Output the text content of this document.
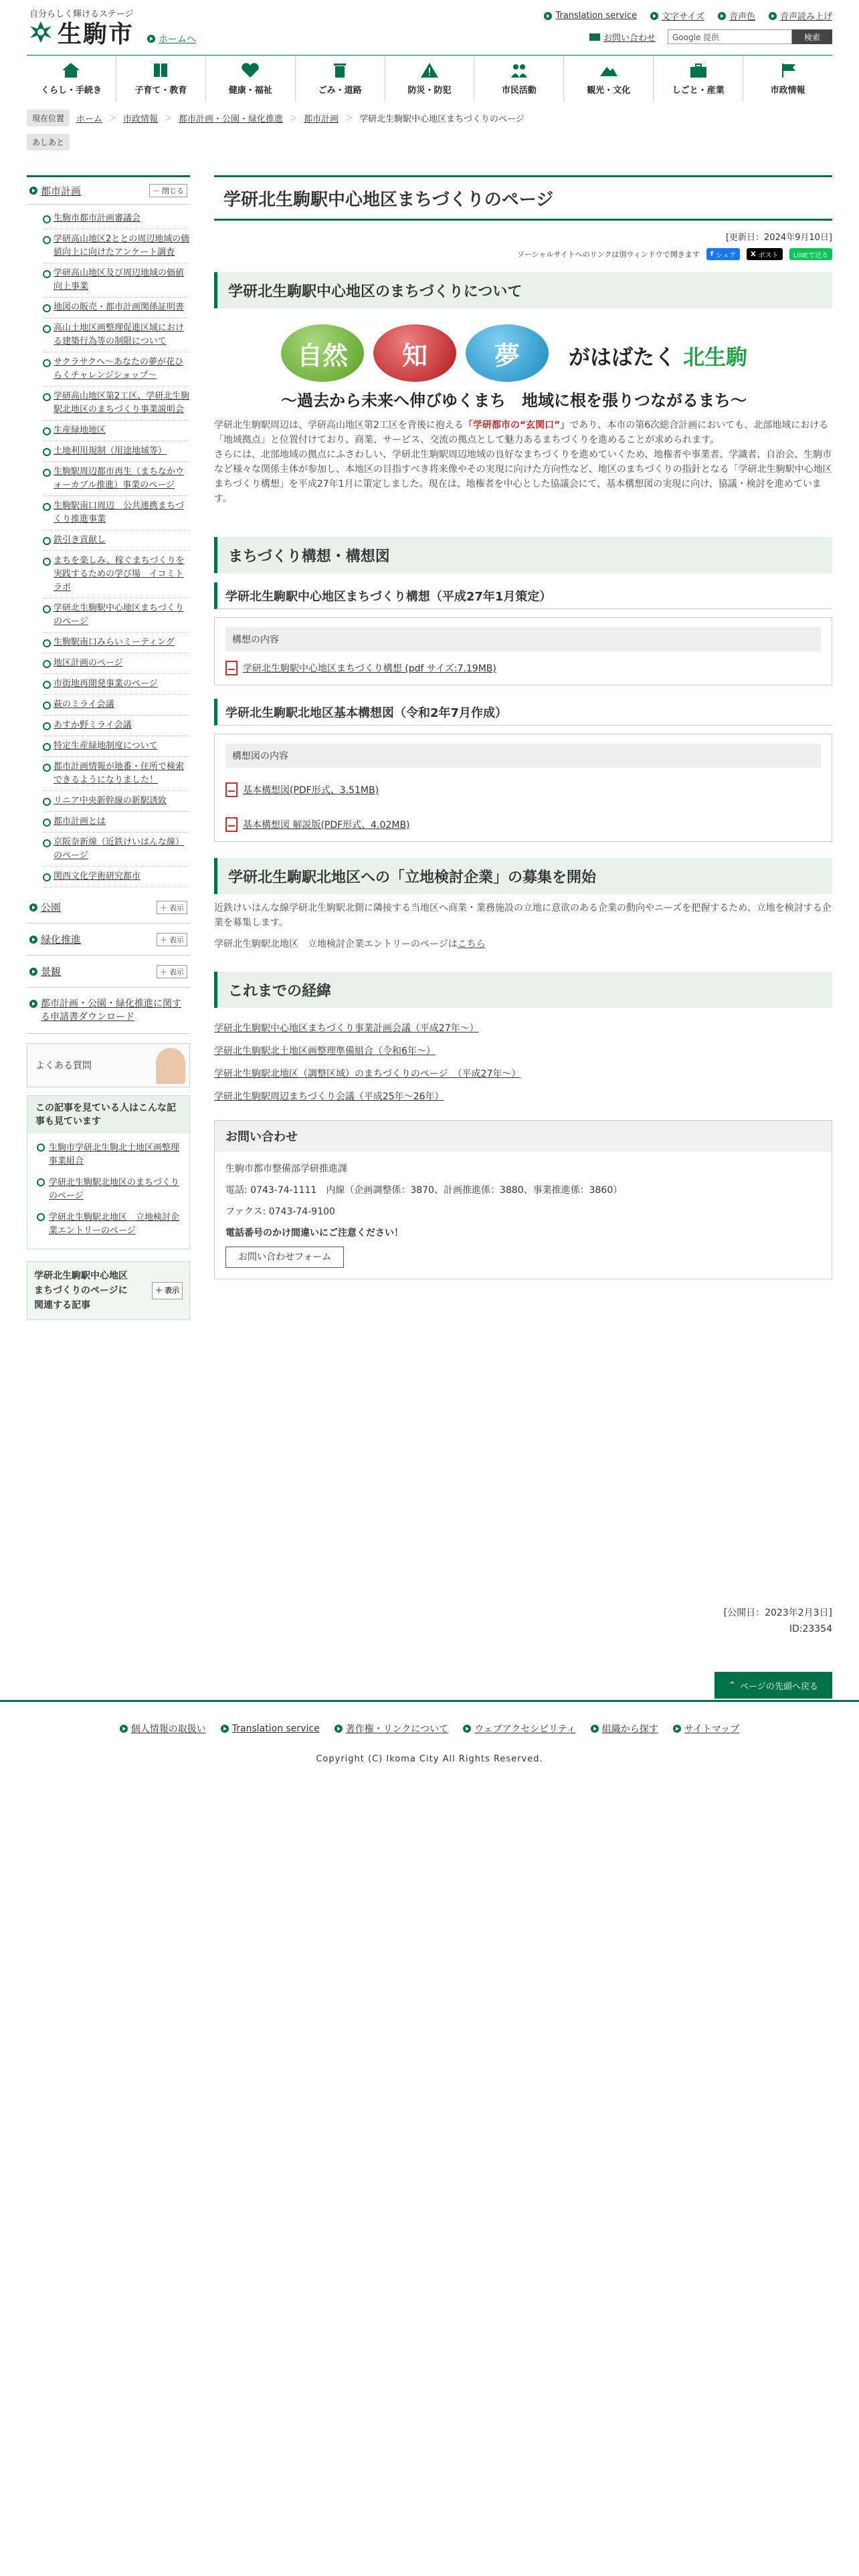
自分らしく輝けるステージ
生駒市	ホームへ
Translation service	文字サイズ	音声色	音声読み上げ
お問い合わせ	Google 提供	検索
くらし・手続き	子育て・教育	健康・福祉	ごみ・道路	防災・防犯	市民活動	観光・文化	しごと・産業	市政情報
現在位置	ホーム ＞ 市政情報 ＞ 都市計画・公園・緑化推進 ＞ 都市計画 ＞ 学研北生駒駅中心地区まちづくりのページ
あしあと
都市計画	－ 閉じる
生駒市都市計画審議会
学研高山地区2ととの周辺地域の価値向上に向けたアンケート調査
学研高山地区及び周辺地域の価値向上事業
地図の販売・都市計画関係証明書
高山土地区画整理促進区域における建築行為等の制限について
サクラサクへ〜あなたの夢が花ひらくチャレンジショップ〜
学研高山地区第2工区、学研北生駒駅北地区のまちづくり事業説明会
生産緑地地区
土地利用規制（用途地域等）
生駒駅周辺都市再生（まちなかウォーカブル推進）事業のページ
生駒駅南口周辺　公共連携まちづくり推進事業
鉄引き貢献し
まちを楽しみ、稼ぐまちづくりを実践するための学び場　イコミトラボ
学研北生駒駅中心地区まちづくりのページ
生駒駅南口みらいミーティング
地区計画のページ
市街地再開発事業のページ
萩のミライ会議
あすか野ミライ会議
特定生産緑地制度について
都市計画情報が地番・住所で検索できるようになりました！
リニア中央新幹線の新駅誘致
都市計画とは
京阪奈新線（近鉄けいはんな線）のページ
関西文化学術研究都市
公園	＋ 表示
緑化推進	＋ 表示
景観	＋ 表示
都市計画・公園・緑化推進に関する申請書ダウンロード
よくある質問
この記事を見ている人はこんな記事も見ています
生駒市学研北生駒北土地区画整理事業組合
学研北生駒駅北地区のまちづくりのページ
学研北生駒駅北地区　立地検討企業エントリーのページ
学研北生駒駅中心地区まちづくりのページに関連する記事
＋ 表示
学研北生駒駅中心地区まちづくりのページ
[更新日：2024年9月10日]
ソーシャルサイトへのリンクは別ウィンドウで開きます f シェア X ポスト LINEで送る
学研北生駒駅中心地区のまちづくりについて
自然	知	夢	がはばたく 北生駒
～過去から未来へ伸びゆくまち　地域に根を張りつながるまち～

学研北生駒駅周辺は、学研高山地区第2工区を背後に抱える「学研都市の“玄関口”」であり、本市の第6次総合計画においても、北部地域における「地域拠点」と位置付けており、商業、サービス、交流の拠点として魅力あるまちづくりを進めることが求められます。

さらには、北部地域の拠点にふさわしい、学研北生駒駅周辺地域の良好なまちづくりを進めていくため、地権者や事業者、学識者、自治会、生駒市など様々な関係主体が参加し、本地区の目指すべき将来像やその実現に向けた方向性など、地区のまちづくりの指針となる「学研北生駒駅中心地区まちづくり構想」を平成27年1月に策定しました。現在は、地権者を中心とした協議会にて、基本構想図の実現に向け、協議・検討を進めています。

まちづくり構想・構想図
学研北生駒駅中心地区まちづくり構想（平成27年1月策定）
構想の内容
学研北生駒駅中心地区まちづくり構想 (pdf サイズ:7.19MB)
学研北生駒駅北地区基本構想図（令和2年7月作成）
構想図の内容
基本構想図(PDF形式、3.51MB)
基本構想図 解説版(PDF形式、4.02MB)
学研北生駒駅北地区への「立地検討企業」の募集を開始

近鉄けいはんな線学研北生駒駅北側に隣接する当地区へ商業・業務施設の立地に意欲のある企業の動向やニーズを把握するため、立地を検討する企業を募集します。

学研北生駒駅北地区　立地検討企業エントリーのページはこちら

これまでの経緯
学研北生駒駅中心地区まちづくり事業計画会議（平成27年〜）
学研北生駒駅北土地区画整理準備組合（令和6年〜）
学研北生駒駅北地区（調整区域）のまちづくりのページ　（平成27年〜）
学研北生駒駅周辺まちづくり会議（平成25年〜26年）
お問い合わせ
生駒市都市整備部学研推進課
電話: 0743-74-1111　内線（企画調整係：3870、計画推進係：3880、事業推進係：3860）
ファクス: 0743-74-9100
電話番号のかけ間違いにご注意ください！
お問い合わせフォーム
[公開日：2023年2月3日]
ID:23354
⌃ ページの先頭へ戻る
個人情報の取扱い	Translation service	著作権・リンクについて	ウェブアクセシビリティ	組織から探す	サイトマップ
Copyright (C) Ikoma City All Rights Reserved.
